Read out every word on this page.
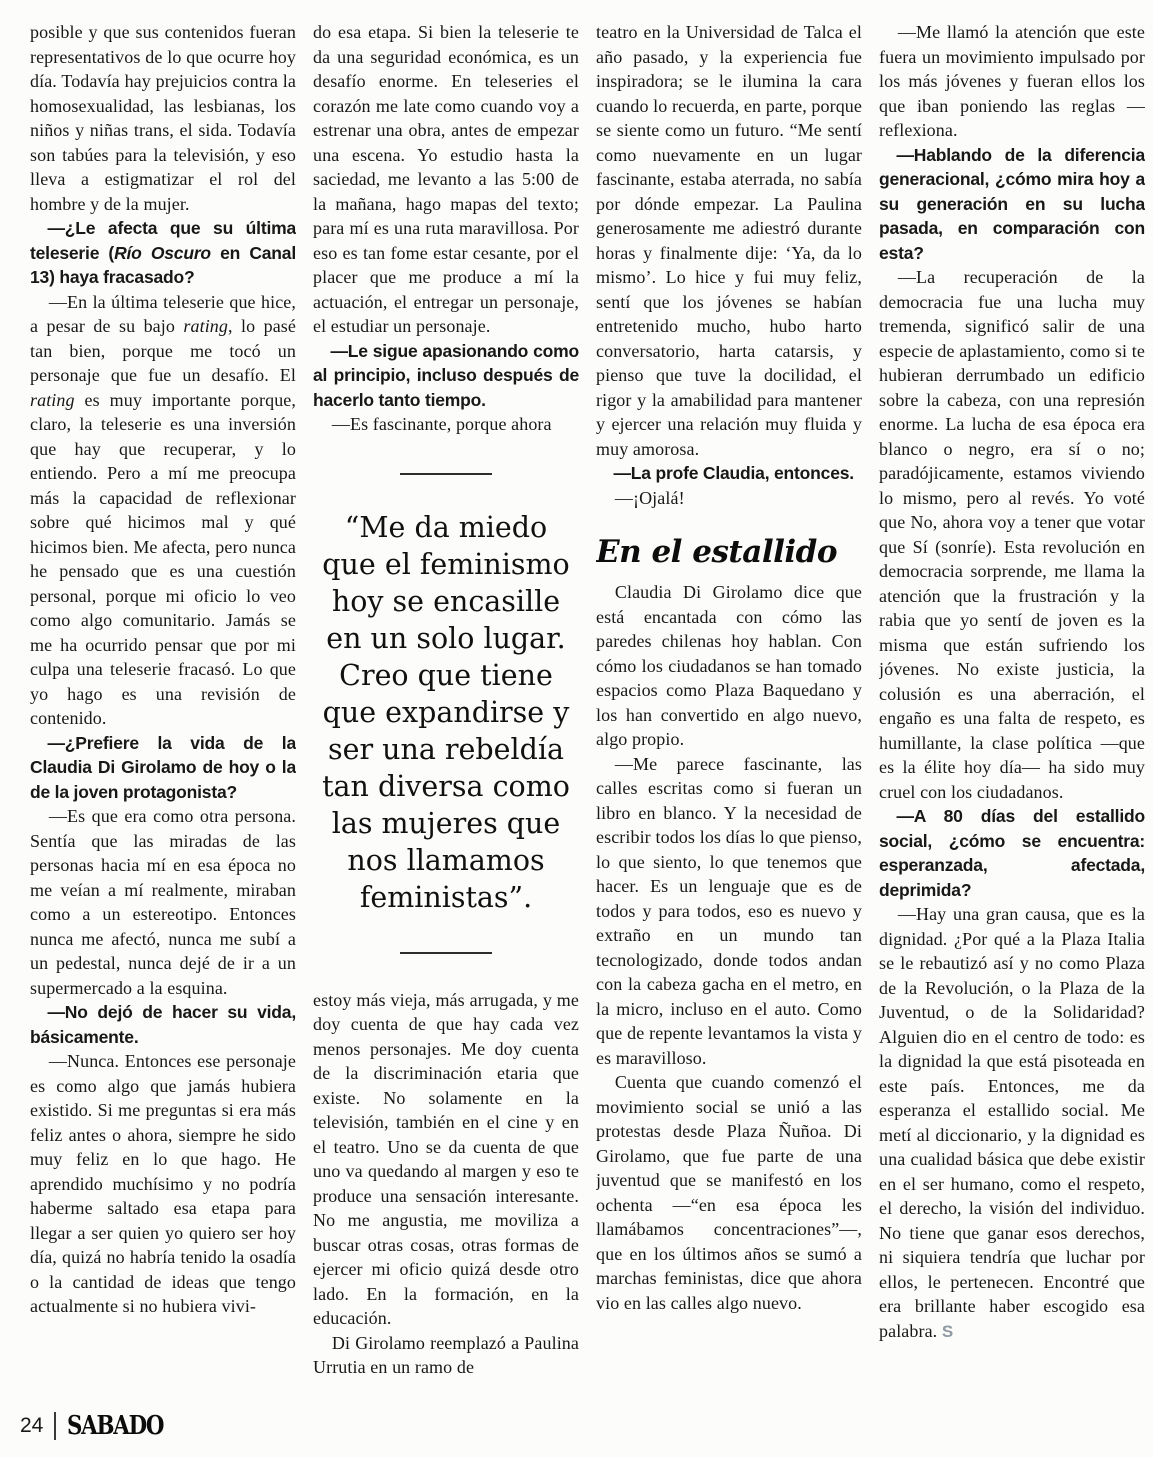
posible y que sus contenidos fueran representativos de lo que ocurre hoy día. Todavía hay prejuicios contra la homosexualidad, las lesbianas, los niños y niñas trans, el sida. Todavía son tabúes para la televisión, y eso lleva a estigmatizar el rol del hombre y de la mujer.

—¿Le afecta que su última teleserie (Río Oscuro en Canal 13) haya fracasado?

—En la última teleserie que hice, a pesar de su bajo rating, lo pasé tan bien, porque me tocó un personaje que fue un desafío. El rating es muy importante porque, claro, la teleserie es una inversión que hay que recuperar, y lo entiendo. Pero a mí me preocupa más la capacidad de reflexionar sobre qué hicimos mal y qué hicimos bien. Me afecta, pero nunca he pensado que es una cuestión personal, porque mi oficio lo veo como algo comunitario. Jamás se me ha ocurrido pensar que por mi culpa una teleserie fracasó. Lo que yo hago es una revisión de contenido.

—¿Prefiere la vida de la Claudia Di Girolamo de hoy o la de la joven protagonista?

—Es que era como otra persona. Sentía que las miradas de las personas hacia mí en esa época no me veían a mí realmente, miraban como a un estereotipo. Entonces nunca me afectó, nunca me subí a un pedestal, nunca dejé de ir a un supermercado a la esquina.

—No dejó de hacer su vida, básicamente.

—Nunca. Entonces ese personaje es como algo que jamás hubiera existido. Si me preguntas si era más feliz antes o ahora, siempre he sido muy feliz en lo que hago. He aprendido muchísimo y no podría haberme saltado esa etapa para llegar a ser quien yo quiero ser hoy día, quizá no habría tenido la osadía o la cantidad de ideas que tengo actualmente si no hubiera vivi-

do esa etapa. Si bien la teleserie te da una seguridad económica, es un desafío enorme. En teleseries el corazón me late como cuando voy a estrenar una obra, antes de empezar una escena. Yo estudio hasta la saciedad, me levanto a las 5:00 de la mañana, hago mapas del texto; para mí es una ruta maravillosa. Por eso es tan fome estar cesante, por el placer que me produce a mí la actuación, el entregar un personaje, el estudiar un personaje.

—Le sigue apasionando como al principio, incluso después de hacerlo tanto tiempo.

—Es fascinante, porque ahora

“Me da miedo que el feminismo hoy se encasille en un solo lugar. Creo que tiene que expandirse y ser una rebeldía tan diversa como las mujeres que nos llamamos feministas”.

estoy más vieja, más arrugada, y me doy cuenta de que hay cada vez menos personajes. Me doy cuenta de la discriminación etaria que existe. No solamente en la televisión, también en el cine y en el teatro. Uno se da cuenta de que uno va quedando al margen y eso te produce una sensación interesante. No me angustia, me moviliza a buscar otras cosas, otras formas de ejercer mi oficio quizá desde otro lado. En la formación, en la educación.

Di Girolamo reemplazó a Paulina Urrutia en un ramo de

teatro en la Universidad de Talca el año pasado, y la experiencia fue inspiradora; se le ilumina la cara cuando lo recuerda, en parte, porque se siente como un futuro. “Me sentí como nuevamente en un lugar fascinante, estaba aterrada, no sabía por dónde empezar. La Paulina generosamente me adiestró durante horas y finalmente dije: ‘Ya, da lo mismo’. Lo hice y fui muy feliz, sentí que los jóvenes se habían entretenido mucho, hubo harto conversatorio, harta catarsis, y pienso que tuve la docilidad, el rigor y la amabilidad para mantener y ejercer una relación muy fluida y muy amorosa.

—La profe Claudia, entonces.

—¡Ojalá!

En el estallido

Claudia Di Girolamo dice que está encantada con cómo las paredes chilenas hoy hablan. Con cómo los ciudadanos se han tomado espacios como Plaza Baquedano y los han convertido en algo nuevo, algo propio.

—Me parece fascinante, las calles escritas como si fueran un libro en blanco. Y la necesidad de escribir todos los días lo que pienso, lo que siento, lo que tenemos que hacer. Es un lenguaje que es de todos y para todos, eso es nuevo y extraño en un mundo tan tecnologizado, donde todos andan con la cabeza gacha en el metro, en la micro, incluso en el auto. Como que de repente levantamos la vista y es maravilloso.

Cuenta que cuando comenzó el movimiento social se unió a las protestas desde Plaza Ñuñoa. Di Girolamo, que fue parte de una juventud que se manifestó en los ochenta —“en esa época les llamábamos concentraciones”—, que en los últimos años se sumó a marchas feministas, dice que ahora vio en las calles algo nuevo.

—Me llamó la atención que este fuera un movimiento impulsado por los más jóvenes y fueran ellos los que iban poniendo las reglas —reflexiona.

—Hablando de la diferencia generacional, ¿cómo mira hoy a su generación en su lucha pasada, en comparación con esta?

—La recuperación de la democracia fue una lucha muy tremenda, significó salir de una especie de aplastamiento, como si te hubieran derrumbado un edificio sobre la cabeza, con una represión enorme. La lucha de esa época era blanco o negro, era sí o no; paradójicamente, estamos viviendo lo mismo, pero al revés. Yo voté que No, ahora voy a tener que votar que Sí (sonríe). Esta revolución en democracia sorprende, me llama la atención que la frustración y la rabia que yo sentí de joven es la misma que están sufriendo los jóvenes. No existe justicia, la colusión es una aberración, el engaño es una falta de respeto, es humillante, la clase política —que es la élite hoy día— ha sido muy cruel con los ciudadanos.

—A 80 días del estallido social, ¿cómo se encuentra: esperanzada, afectada, deprimida?

—Hay una gran causa, que es la dignidad. ¿Por qué a la Plaza Italia se le rebautizó así y no como Plaza de la Revolución, o la Plaza de la Juventud, o de la Solidaridad? Alguien dio en el centro de todo: es la dignidad la que está pisoteada en este país. Entonces, me da esperanza el estallido social. Me metí al diccionario, y la dignidad es una cualidad básica que debe existir en el ser humano, como el respeto, el derecho, la visión del individuo. No tiene que ganar esos derechos, ni siquiera tendría que luchar por ellos, le pertenecen. Encontré que era brillante haber escogido esa palabra. S

24 SABADO
